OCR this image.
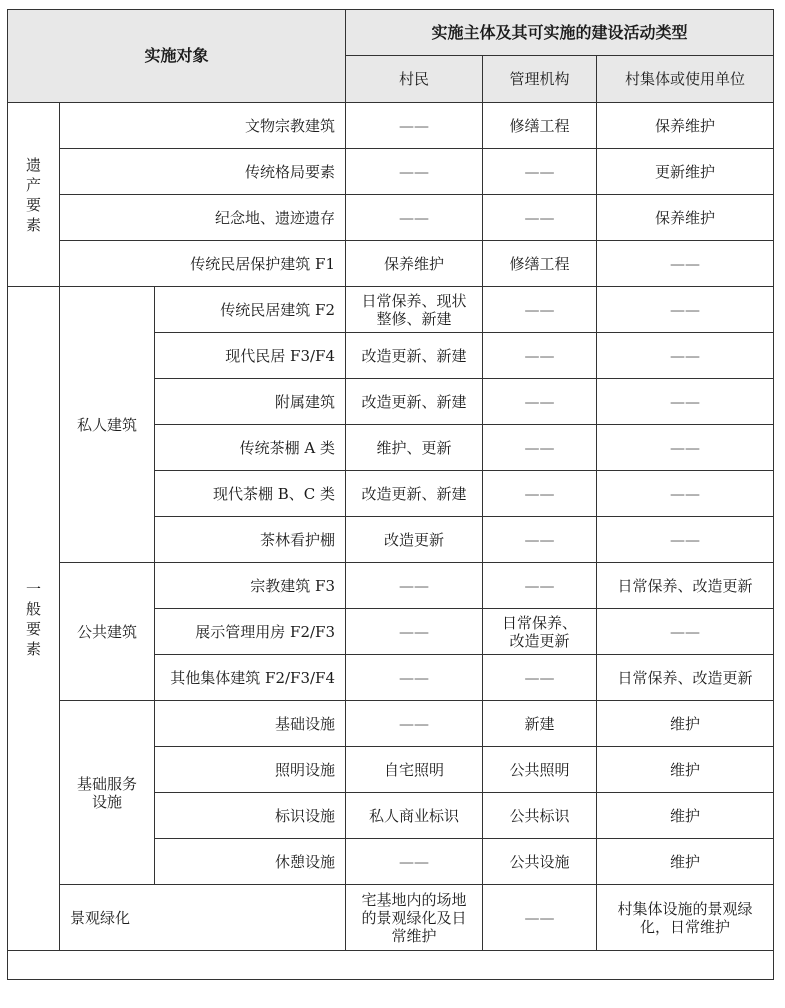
实施对象			实施主体及其可实施的建设活动类型		
			村民	管理机构	村集体或使用单位

遗产要素	文物宗教建筑		——	修缮工程	保养维护
	传统格局要素		——	——	更新维护
	纪念地、遗迹遗存		——	——	保养维护
	传统民居保护建筑 F1		保养维护	修缮工程	——

一般要素	私人建筑	传统民居建筑 F2	日常保养、现状整修、新建	——	——
		现代民居 F3/F4	改造更新、新建	——	——
		附属建筑	改造更新、新建	——	——
		传统茶棚 A 类	维护、更新	——	——
		现代茶棚 B、C 类	改造更新、新建	——	——
		茶林看护棚	改造更新	——	——
	公共建筑	宗教建筑 F3	——	——	日常保养、改造更新
		展示管理用房 F2/F3	——	日常保养、改造更新	——
		其他集体建筑 F2/F3/F4	——	——	日常保养、改造更新
	基础服务设施	基础设施	——	新建	维护
		照明设施	自宅照明	公共照明	维护
		标识设施	私人商业标识	公共标识	维护
		休憩设施	——	公共设施	维护
	景观绿化		宅基地内的场地的景观绿化及日常维护	——	村集体设施的景观绿化，日常维护
